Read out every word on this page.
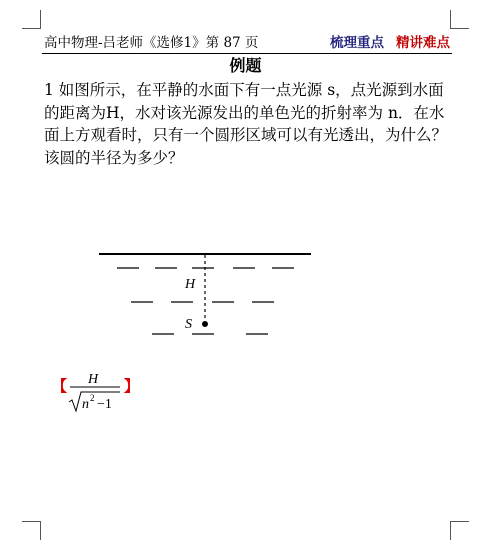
高中物理-吕老师《选修1》第 87 页	梳理重点 精讲难点
例题

1 如图所示，在平静的水面下有一点光源 s，点光源到水面的距离为H，水对该光源发出的单色光的折射率为 n．在水面上方观看时，只有一个圆形区域可以有光透出，为什么？该圆的半径为多少？

H
S
【 H
n 2 −1
】
